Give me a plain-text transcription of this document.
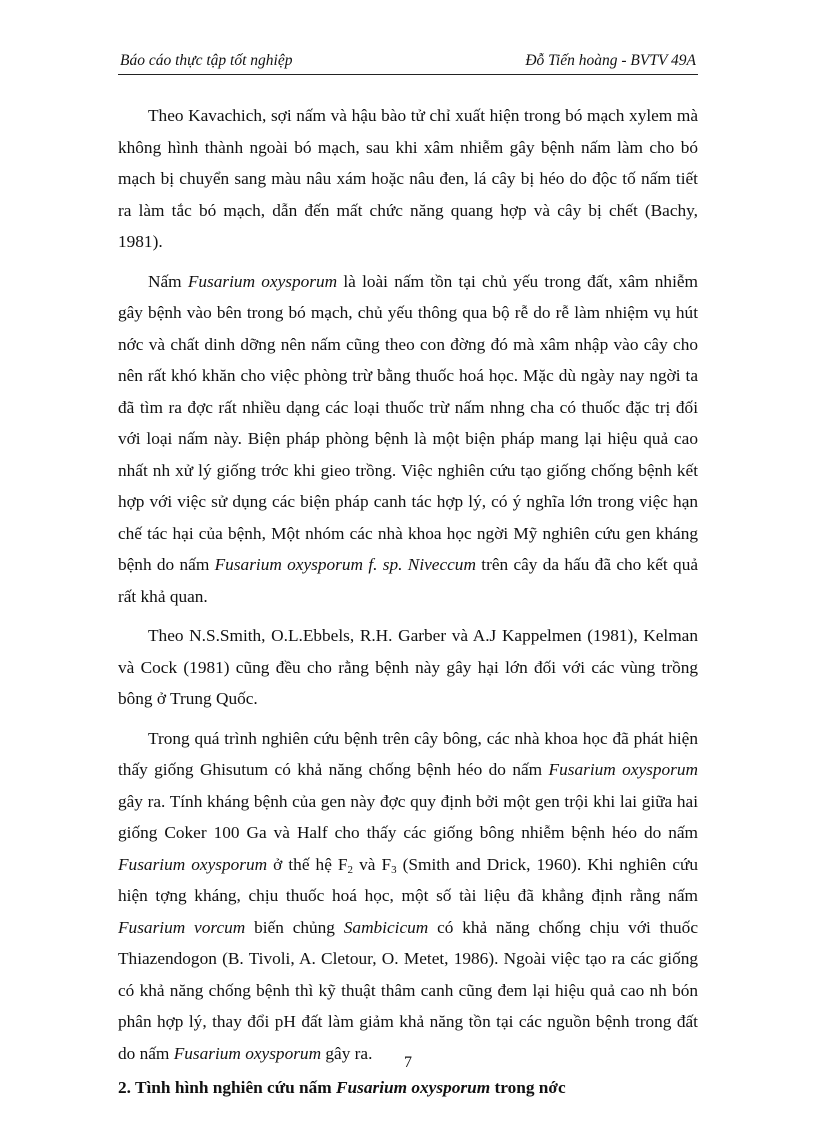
Báo cáo thực tập tốt nghiệp	Đỗ Tiến hoàng - BVTV 49A

Theo Kavachich, sợi nấm và hậu bào tử chỉ xuất hiện trong bó mạch xylem mà không hình thành ngoài bó mạch, sau khi xâm nhiễm gây bệnh nấm làm cho bó mạch bị chuyển sang màu nâu xám hoặc nâu đen, lá cây bị héo do độc tố nấm tiết ra làm tắc bó mạch, dẫn đến mất chức năng quang hợp và cây bị chết (Bachy, 1981).

Nấm Fusarium oxysporum là loài nấm tồn tại chủ yếu trong đất, xâm nhiễm gây bệnh vào bên trong bó mạch, chủ yếu thông qua bộ rễ do rễ làm nhiệm vụ hút nớc và chất dinh dỡng nên nấm cũng theo con đờng đó mà xâm nhập vào cây cho nên rất khó khăn cho việc phòng trừ bằng thuốc hoá học. Mặc dù ngày nay ngời ta đã tìm ra đợc rất nhiều dạng các loại thuốc trừ nấm nhng cha có thuốc đặc trị đối với loại nấm này. Biện pháp phòng bệnh là một biện pháp mang lại hiệu quả cao nhất nh xử lý giống trớc khi gieo trồng. Việc nghiên cứu tạo giống chống bệnh kết hợp với việc sử dụng các biện pháp canh tác hợp lý, có ý nghĩa lớn trong việc hạn chế tác hại của bệnh, Một nhóm các nhà khoa học ngời Mỹ nghiên cứu gen kháng bệnh do nấm Fusarium oxysporum f. sp. Niveccum trên cây da hấu đã cho kết quả rất khả quan.

Theo N.S.Smith, O.L.Ebbels, R.H. Garber và A.J Kappelmen (1981), Kelman và Cock (1981) cũng đều cho rằng bệnh này gây hại lớn đối với các vùng trồng bông ở Trung Quốc.

Trong quá trình nghiên cứu bệnh trên cây bông, các nhà khoa học đã phát hiện thấy giống Ghisutum có khả năng chống bệnh héo do nấm Fusarium oxysporum gây ra. Tính kháng bệnh của gen này đợc quy định bởi một gen trội khi lai giữa hai giống Coker 100 Ga và Half cho thấy các giống bông nhiễm bệnh héo do nấm Fusarium oxysporum ở thế hệ $F_2$ và $F_3$ (Smith and Drick, 1960). Khi nghiên cứu hiện tợng kháng, chịu thuốc hoá học, một số tài liệu đã khẳng định rằng nấm Fusarium vorcum biến chủng Sambicicum có khả năng chống chịu với thuốc Thiazendogon (B. Tivoli, A. Cletour, O. Metet, 1986). Ngoài việc tạo ra các giống có khả năng chống bệnh thì kỹ thuật thâm canh cũng đem lại hiệu quả cao nh bón phân hợp lý, thay đổi pH đất làm giảm khả năng tồn tại các nguồn bệnh trong đất do nấm Fusarium oxysporum gây ra.

2. Tình hình nghiên cứu nấm Fusarium oxysporum trong nớc
7
